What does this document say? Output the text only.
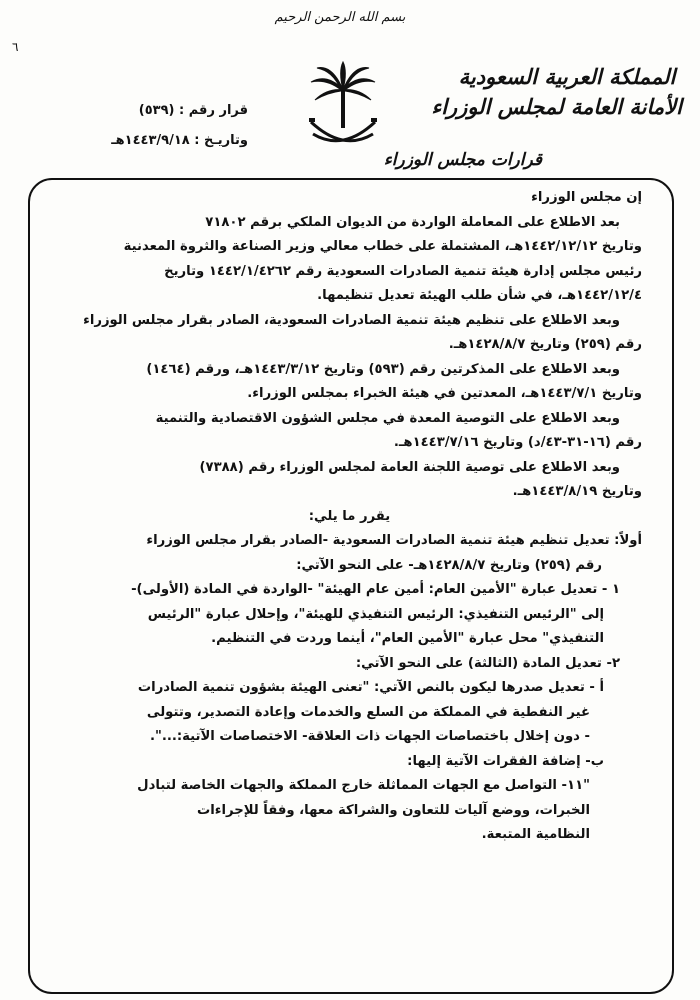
٦
بسم الله الرحمن الرحيم
المملكة العربية السعودية
الأمانة العامة لمجلس الوزراء
قرار رقم : (٥٣٩)
وتاريـخ : ١٤٤٣/٩/١٨هـ
قرارات مجلس الوزراء

إن مجلس الوزراء

بعد الاطلاع على المعاملة الواردة من الديوان الملكي برقم ٧١٨٠٢

وتاريخ ١٤٤٢/١٢/١٢هـ، المشتملة على خطاب معالي وزير الصناعة والثروة المعدنية

رئيس مجلس إدارة هيئة تنمية الصادرات السعودية رقم ١٤٤٢/١/٤٢٦٢ وتاريخ

١٤٤٢/١٢/٤هـ، في شأن طلب الهيئة تعديل تنظيمها.

وبعد الاطلاع على تنظيم هيئة تنمية الصادرات السعودية، الصادر بقرار مجلس الوزراء

رقم (٢٥٩) وتاريخ ١٤٢٨/٨/٧هـ.

وبعد الاطلاع على المذكرتين رقم (٥٩٣) وتاريخ ١٤٤٣/٣/١٢هـ، ورقم (١٤٦٤)

وتاريخ ١٤٤٣/٧/١هـ، المعدتين في هيئة الخبراء بمجلس الوزراء.

وبعد الاطلاع على التوصية المعدة في مجلس الشؤون الاقتصادية والتنمية

رقم (١٦-٣١-٤٣/د) وتاريخ ١٤٤٣/٧/١٦هـ.

وبعد الاطلاع على توصية اللجنة العامة لمجلس الوزراء رقم (٧٣٨٨)

وتاريخ ١٤٤٣/٨/١٩هـ.

يقرر ما يلي:

أولاً: تعديل تنظيم هيئة تنمية الصادرات السعودية -الصادر بقرار مجلس الوزراء

رقم (٢٥٩) وتاريخ ١٤٢٨/٨/٧هـ- على النحو الآتي:

١ - تعديل عبارة "الأمين العام: أمين عام الهيئة" -الواردة في المادة (الأولى)-

إلى "الرئيس التنفيذي: الرئيس التنفيذي للهيئة"، وإحلال عبارة "الرئيس

التنفيذي" محل عبارة "الأمين العام"، أينما وردت في التنظيم.

٢- تعديل المادة (الثالثة) على النحو الآتي:

أ - تعديل صدرها ليكون بالنص الآتي: "تعنى الهيئة بشؤون تنمية الصادرات

غير النفطية في المملكة من السلع والخدمات وإعادة التصدير، وتتولى

- دون إخلال باختصاصات الجهات ذات العلاقة- الاختصاصات الآتية:...".

ب- إضافة الفقرات الآتية إليها:

"١١- التواصل مع الجهات المماثلة خارج المملكة والجهات الخاصة لتبادل

الخبرات، ووضع آليات للتعاون والشراكة معها، وفقاً للإجراءات

النظامية المتبعة.
